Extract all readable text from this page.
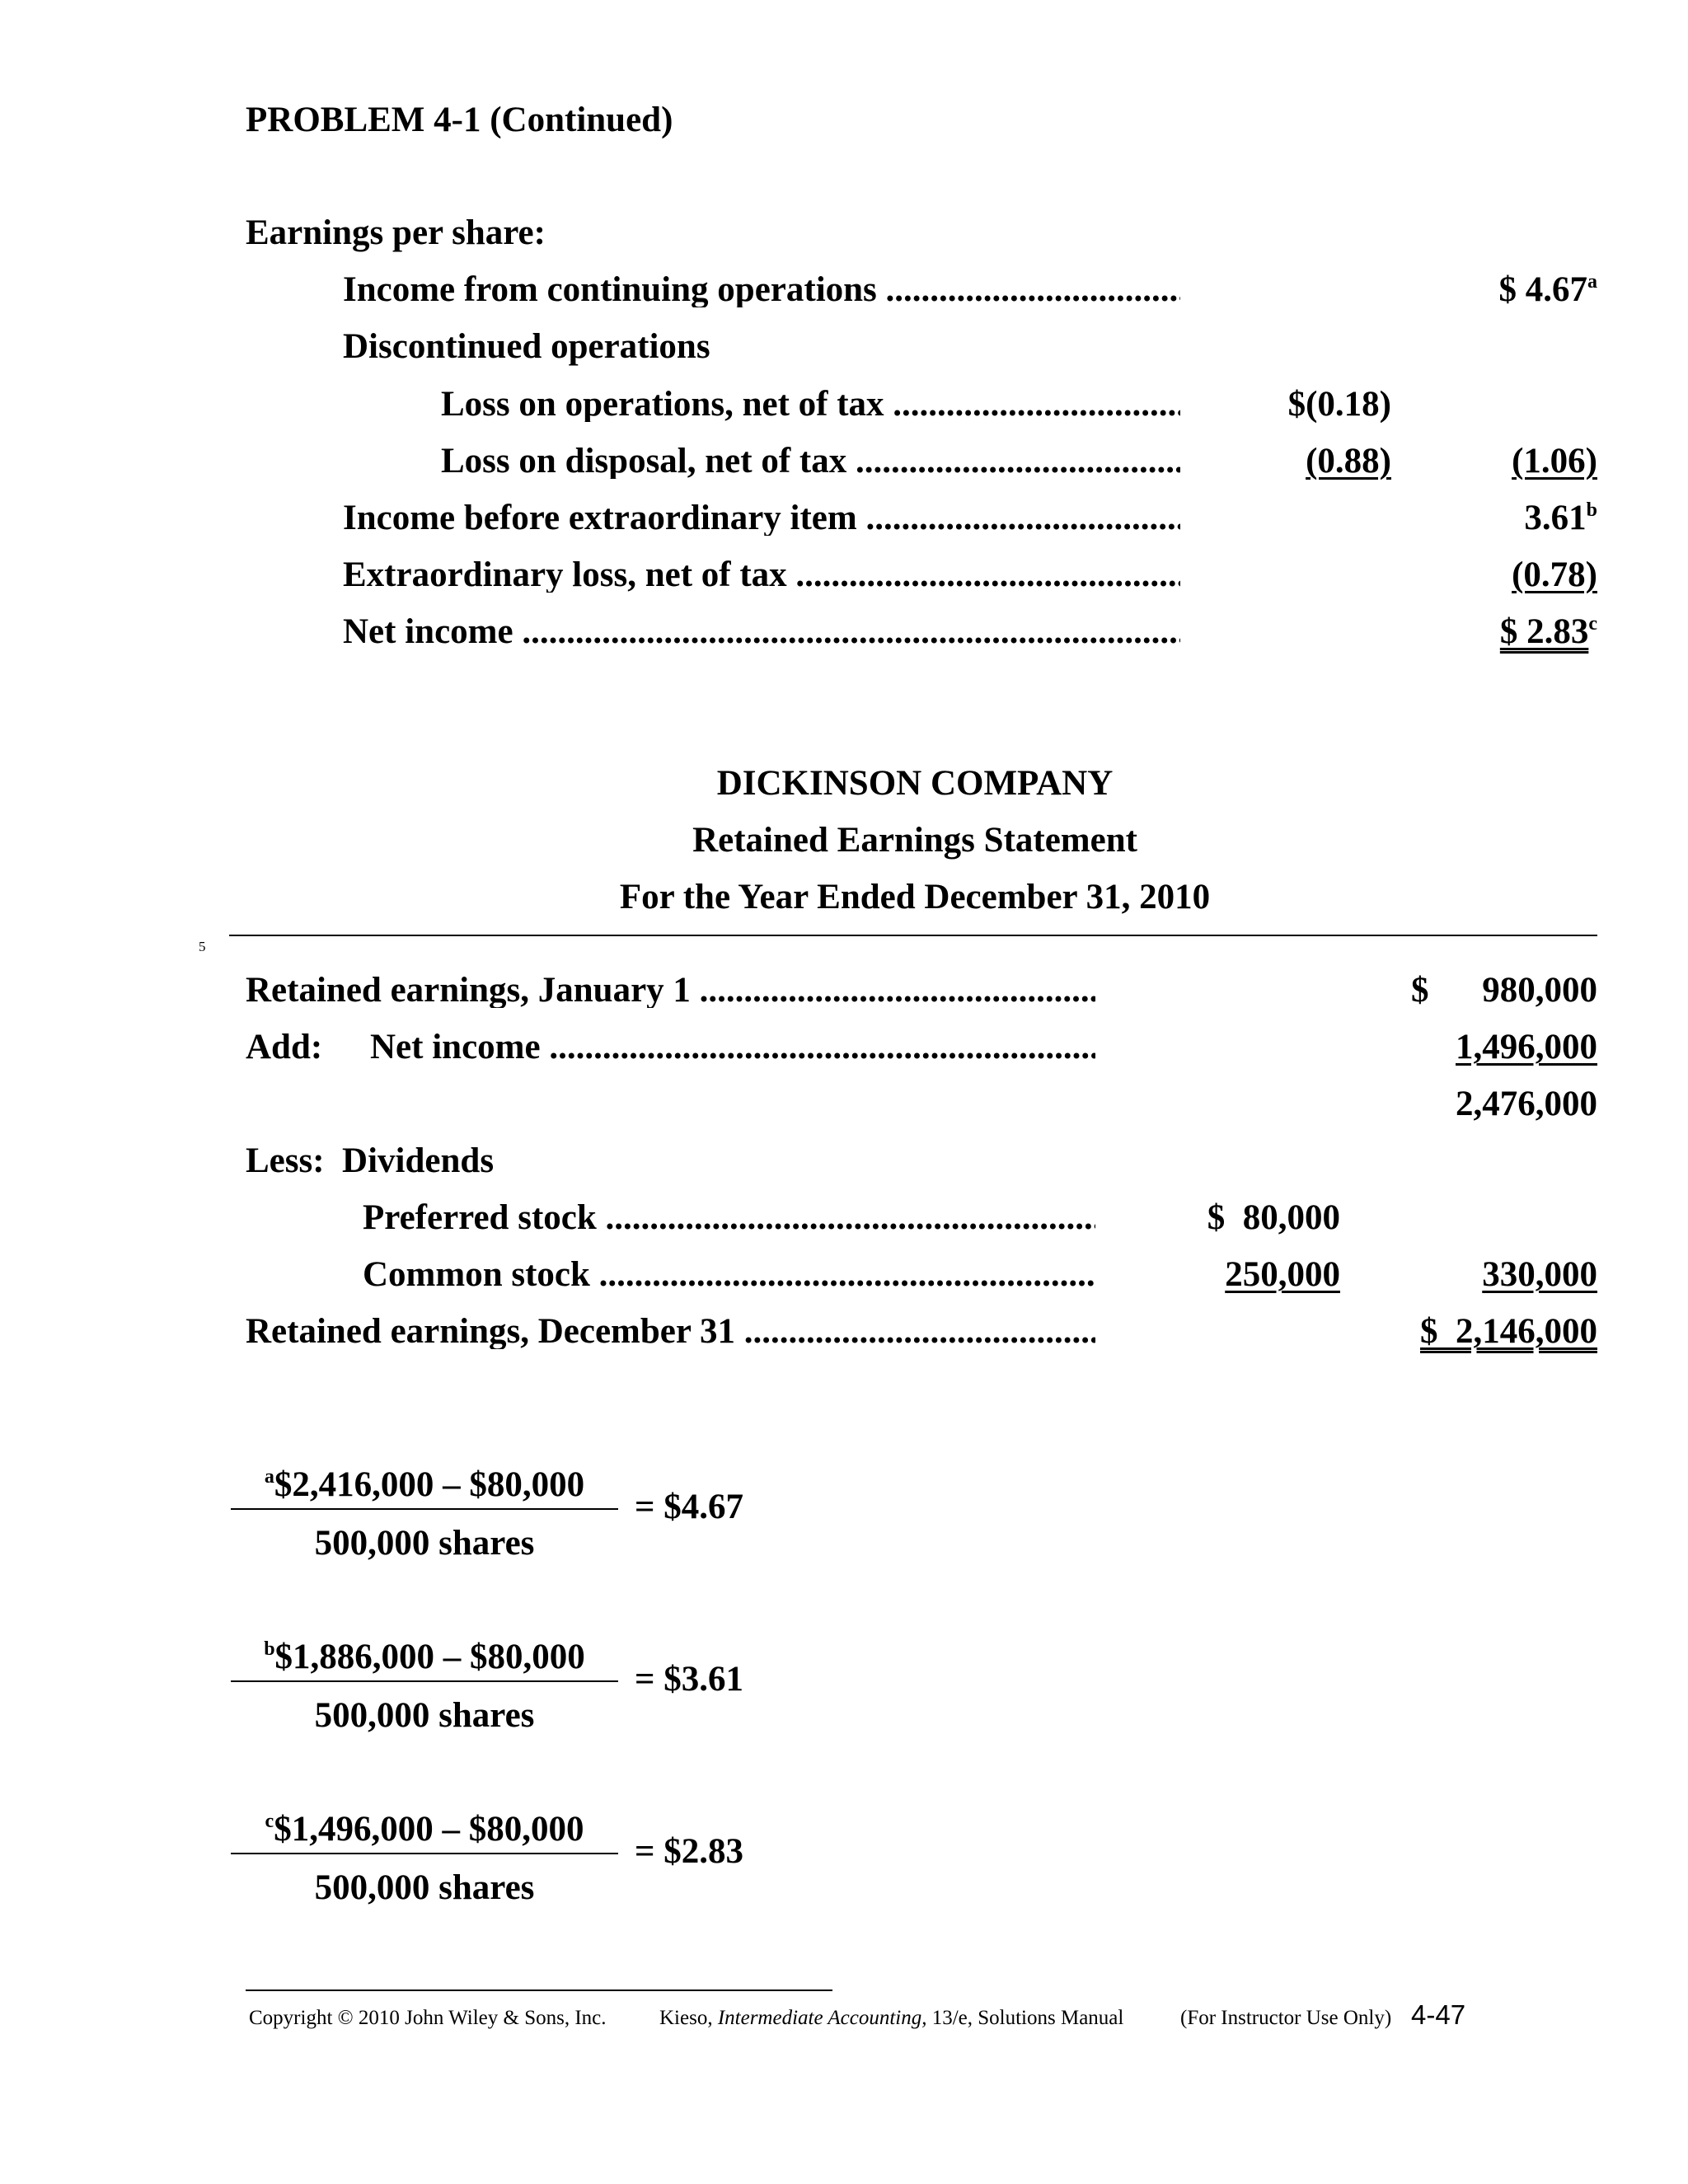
PROBLEM 4-1 (Continued)
Earnings per share:
Income from continuing operations .....	$ 4.67$^a$
Discontinued operations
Loss on operations, net of tax .....	$(0.18)
Loss on disposal, net of tax .....	(0.88)	(1.06)
Income before extraordinary item .....	3.61$^b$
Extraordinary loss, net of tax .....	(0.78)
Net income .....	$ 2.83$^c$
DICKINSON COMPANY
Retained Earnings Statement
For the Year Ended December 31, 2010
5
Retained earnings, January 1 .....	$ 980,000
Add: Net income .....	1,496,000
2,476,000
Less:  Dividends
Preferred stock .....	$  80,000
Common stock .....	250,000	330,000
Retained earnings, December 31 .....	$  2,146,000
$^a$\$2,416,000 – $80,000
500,000 shares
= $4.67
$^b$\$1,886,000 – $80,000
500,000 shares
= $3.61
$^c$\$1,496,000 – $80,000
500,000 shares
= $2.83
Copyright © 2010 John Wiley & Sons, Inc.	Kieso, Intermediate Accounting, 13/e, Solutions Manual	(For Instructor Use Only) 4-47
